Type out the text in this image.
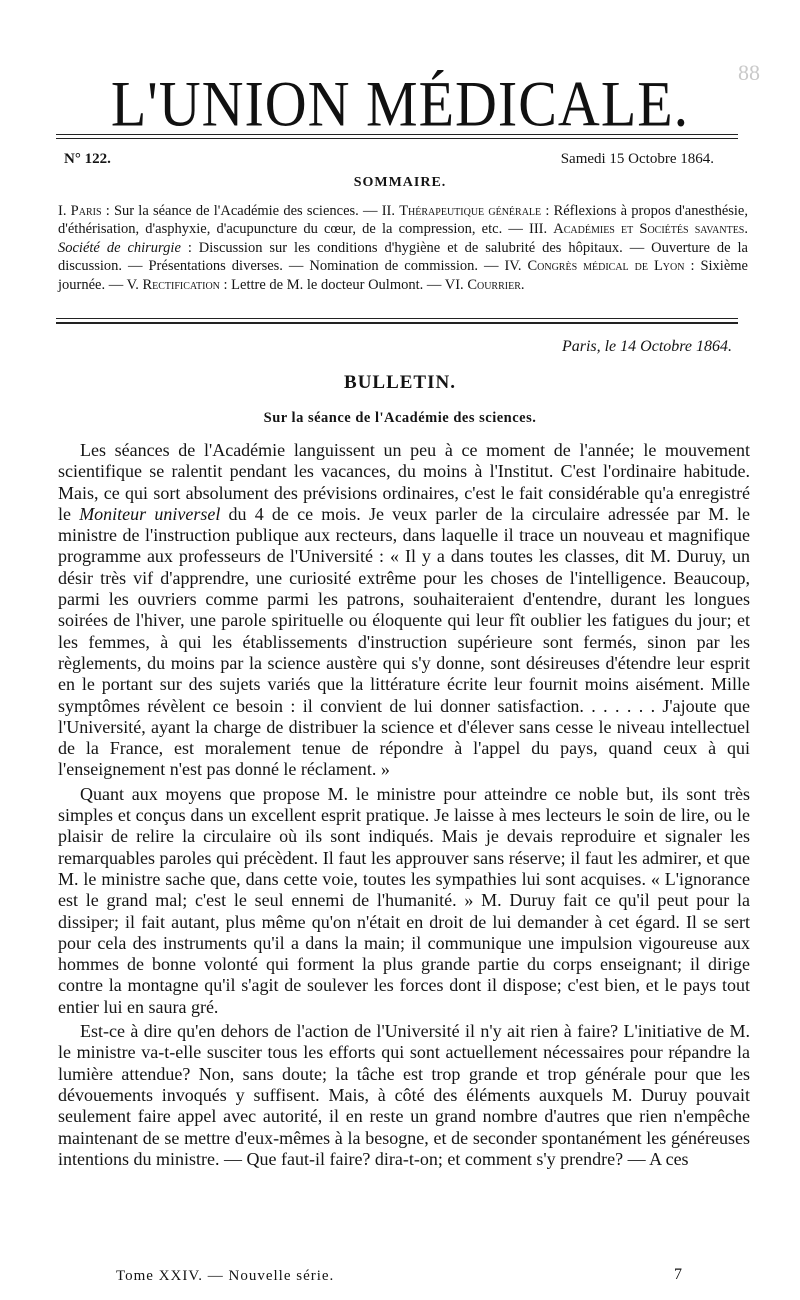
88
L'UNION MÉDICALE.
N° 122.	Samedi 15 Octobre 1864.
SOMMAIRE.
I. Paris : Sur la séance de l'Académie des sciences. — II. Thérapeutique générale : Réflexions à propos d'anesthésie, d'éthérisation, d'asphyxie, d'acupuncture du cœur, de la compression, etc. — III. Académies et Sociétés savantes. Société de chirurgie : Discussion sur les conditions d'hygiène et de salubrité des hôpitaux. — Ouverture de la discussion. — Présentations diverses. — Nomination de commission. — IV. Congrès médical de Lyon : Sixième journée. — V. Rectification : Lettre de M. le docteur Oulmont. — VI. Courrier.
Paris, le 14 Octobre 1864.
BULLETIN.
Sur la séance de l'Académie des sciences.

Les séances de l'Académie languissent un peu à ce moment de l'année; le mouvement scientifique se ralentit pendant les vacances, du moins à l'Institut. C'est l'ordinaire habitude. Mais, ce qui sort absolument des prévisions ordinaires, c'est le fait considérable qu'a enregistré le Moniteur universel du 4 de ce mois. Je veux parler de la circulaire adressée par M. le ministre de l'instruction publique aux recteurs, dans laquelle il trace un nouveau et magnifique programme aux professeurs de l'Université : « Il y a dans toutes les classes, dit M. Duruy, un désir très vif d'apprendre, une curiosité extrême pour les choses de l'intelligence. Beaucoup, parmi les ouvriers comme parmi les patrons, souhaiteraient d'entendre, durant les longues soirées de l'hiver, une parole spirituelle ou éloquente qui leur fît oublier les fatigues du jour; et les femmes, à qui les établissements d'instruction supérieure sont fermés, sinon par les règlements, du moins par la science austère qui s'y donne, sont désireuses d'étendre leur esprit en le portant sur des sujets variés que la littérature écrite leur fournit moins aisément. Mille symptômes révèlent ce besoin : il convient de lui donner satisfaction. . . . . . . J'ajoute que l'Université, ayant la charge de distribuer la science et d'élever sans cesse le niveau intellectuel de la France, est moralement tenue de répondre à l'appel du pays, quand ceux à qui l'enseignement n'est pas donné le réclament. »

Quant aux moyens que propose M. le ministre pour atteindre ce noble but, ils sont très simples et conçus dans un excellent esprit pratique. Je laisse à mes lecteurs le soin de lire, ou le plaisir de relire la circulaire où ils sont indiqués. Mais je devais reproduire et signaler les remarquables paroles qui précèdent. Il faut les approuver sans réserve; il faut les admirer, et que M. le ministre sache que, dans cette voie, toutes les sympathies lui sont acquises. « L'ignorance est le grand mal; c'est le seul ennemi de l'humanité. » M. Duruy fait ce qu'il peut pour la dissiper; il fait autant, plus même qu'on n'était en droit de lui demander à cet égard. Il se sert pour cela des instruments qu'il a dans la main; il communique une impulsion vigoureuse aux hommes de bonne volonté qui forment la plus grande partie du corps enseignant; il dirige contre la montagne qu'il s'agit de soulever les forces dont il dispose; c'est bien, et le pays tout entier lui en saura gré.

Est-ce à dire qu'en dehors de l'action de l'Université il n'y ait rien à faire? L'initiative de M. le ministre va-t-elle susciter tous les efforts qui sont actuellement nécessaires pour répandre la lumière attendue? Non, sans doute; la tâche est trop grande et trop générale pour que les dévouements invoqués y suffisent. Mais, à côté des éléments auxquels M. Duruy pouvait seulement faire appel avec autorité, il en reste un grand nombre d'autres que rien n'empêche maintenant de se mettre d'eux-mêmes à la besogne, et de seconder spontanément les généreuses intentions du ministre. — Que faut-il faire? dira-t-on; et comment s'y prendre? — A ces

Tome XXIV. — Nouvelle série.	7
